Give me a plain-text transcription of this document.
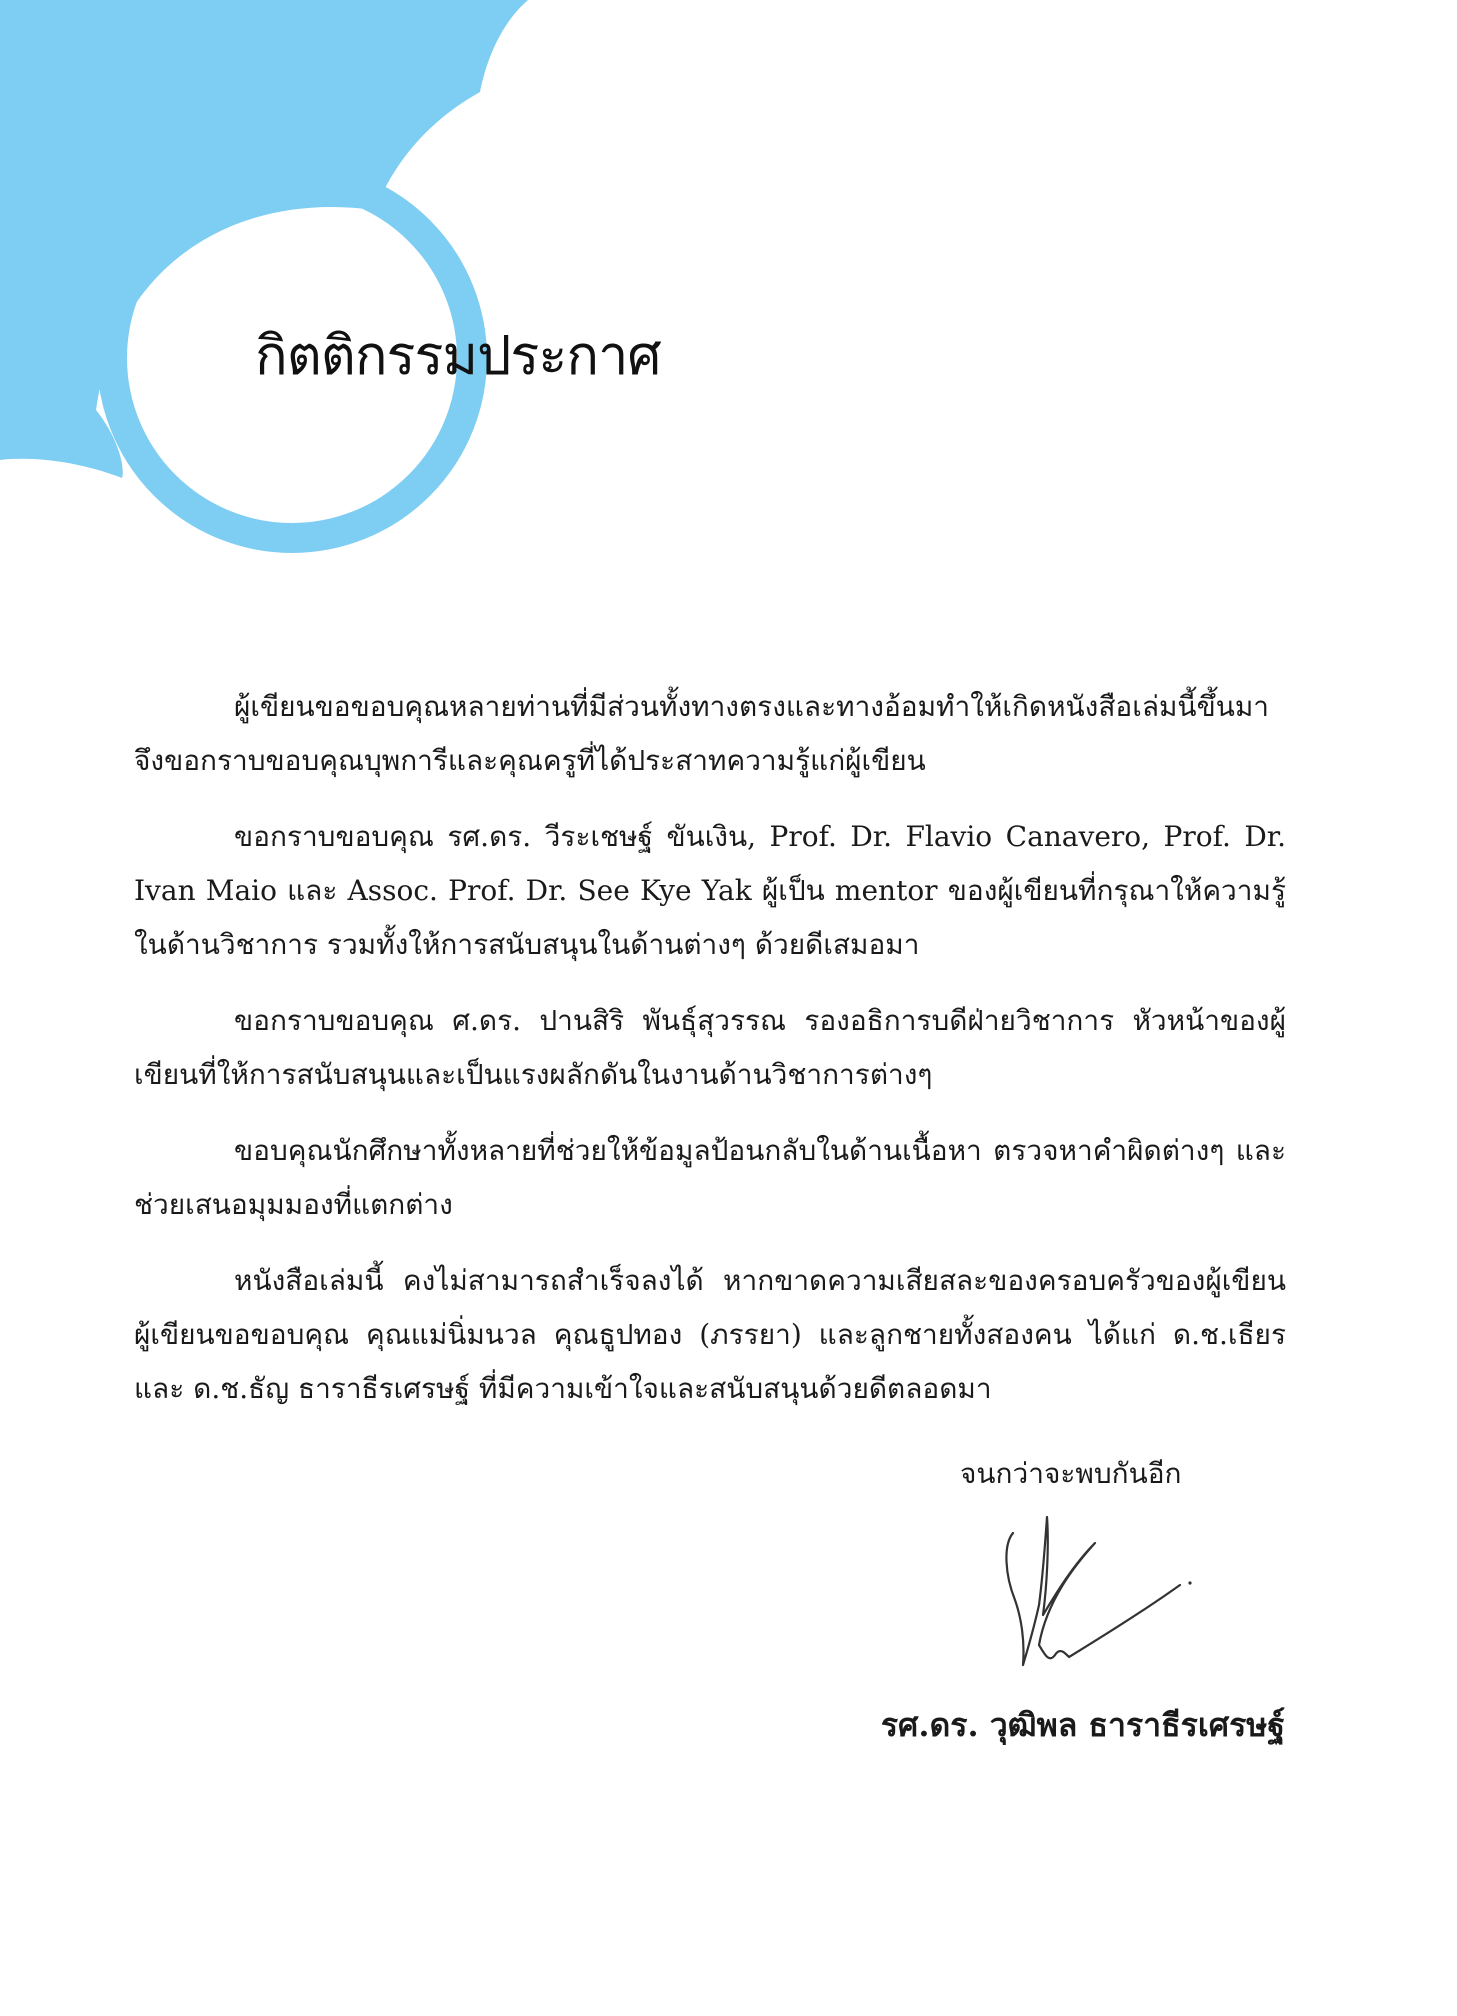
กิตติกรรมประกาศ

ผู้เขียนขอขอบคุณหลายท่านที่มีส่วนทั้งทางตรงและทางอ้อมทำให้เกิดหนังสือเล่มนี้ขึ้นมาจึงขอกราบขอบคุณบุพการีและคุณครูที่ได้ประสาทความรู้แก่ผู้เขียน

ขอกราบขอบคุณ รศ.ดร. วีระเชษฐ์ ขันเงิน, Prof. Dr. Flavio Canavero, Prof. Dr. Ivan Maio และ Assoc. Prof. Dr. See Kye Yak ผู้เป็น mentor ของผู้เขียนที่กรุณาให้ความรู้ในด้านวิชาการ รวมทั้งให้การสนับสนุนในด้านต่างๆ ด้วยดีเสมอมา

ขอกราบขอบคุณ ศ.ดร. ปานสิริ พันธุ์สุวรรณ รองอธิการบดีฝ่ายวิชาการ หัวหน้าของผู้เขียนที่ให้การสนับสนุนและเป็นแรงผลักดันในงานด้านวิชาการต่างๆ

ขอบคุณนักศึกษาทั้งหลายที่ช่วยให้ข้อมูลป้อนกลับในด้านเนื้อหา ตรวจหาคำผิดต่างๆ และช่วยเสนอมุมมองที่แตกต่าง

หนังสือเล่มนี้ คงไม่สามารถสำเร็จลงได้ หากขาดความเสียสละของครอบครัวของผู้เขียน ผู้เขียนขอขอบคุณ คุณแม่นิ่มนวล คุณธูปทอง (ภรรยา) และลูกชายทั้งสองคน ได้แก่ ด.ช.เธียร และ ด.ช.ธัญ ธาราธีรเศรษฐ์ ที่มีความเข้าใจและสนับสนุนด้วยดีตลอดมา

จนกว่าจะพบกันอีก

รศ.ดร. วุฒิพล ธาราธีรเศรษฐ์
